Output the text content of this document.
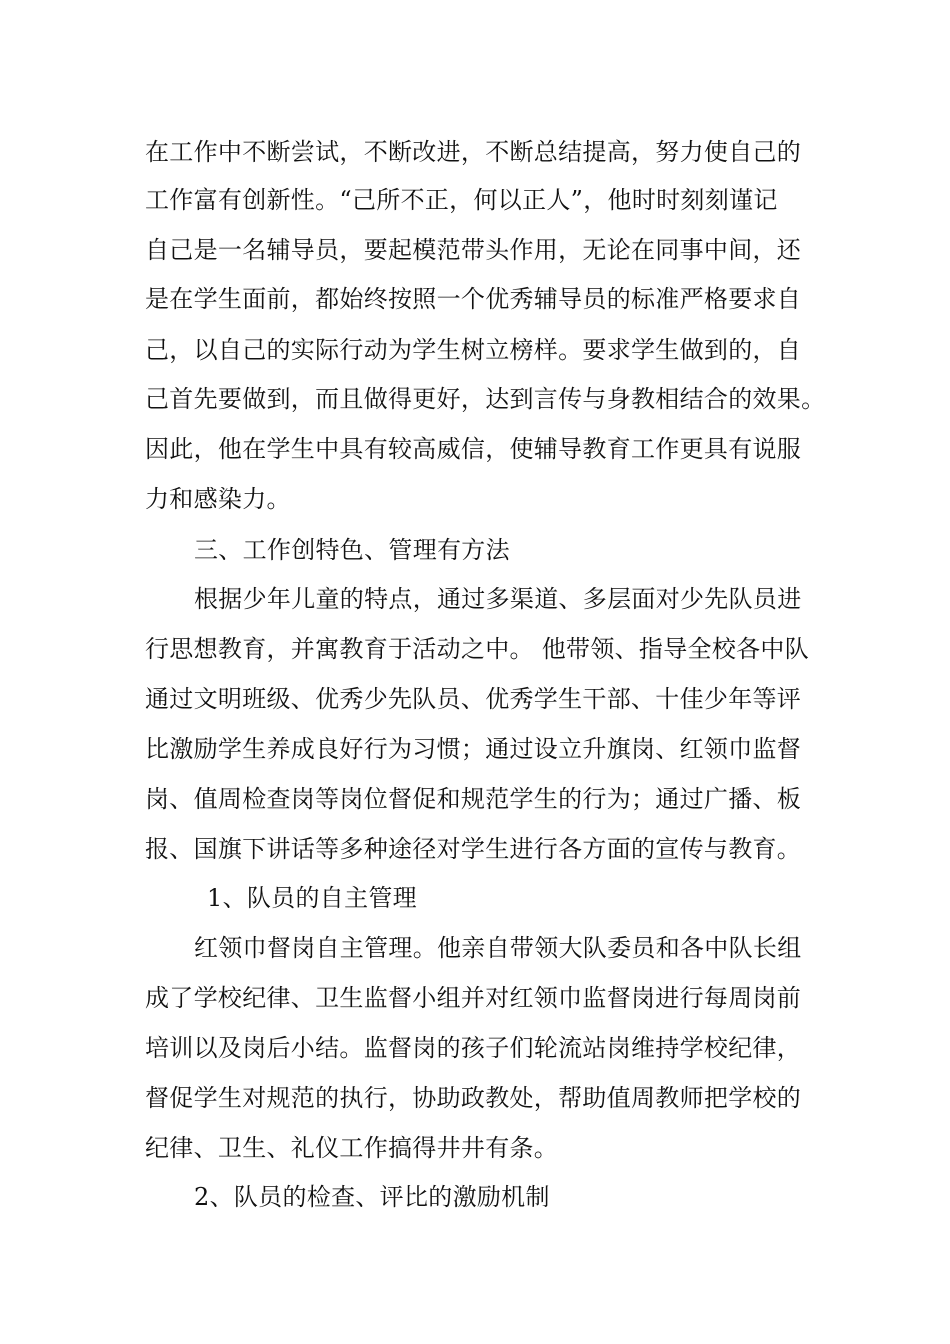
在工作中不断尝试，不断改进，不断总结提高，努力使自己的
工作富有创新性。“己所不正，何以正人”，他时时刻刻谨记
自己是一名辅导员，要起模范带头作用，无论在同事中间，还
是在学生面前，都始终按照一个优秀辅导员的标准严格要求自
己，以自己的实际行动为学生树立榜样。要求学生做到的，自
己首先要做到，而且做得更好，达到言传与身教相结合的效果。
因此，他在学生中具有较高威信，使辅导教育工作更具有说服
力和感染力。
三、工作创特色、管理有方法
根据少年儿童的特点，通过多渠道、多层面对少先队员进
行思想教育，并寓教育于活动之中。 他带领、指导全校各中队
通过文明班级、优秀少先队员、优秀学生干部、十佳少年等评
比激励学生养成良好行为习惯；通过设立升旗岗、红领巾监督
岗、值周检查岗等岗位督促和规范学生的行为；通过广播、板
报、国旗下讲话等多种途径对学生进行各方面的宣传与教育。
1、队员的自主管理
红领巾督岗自主管理。他亲自带领大队委员和各中队长组
成了学校纪律、卫生监督小组并对红领巾监督岗进行每周岗前
培训以及岗后小结。监督岗的孩子们轮流站岗维持学校纪律，
督促学生对规范的执行，协助政教处，帮助值周教师把学校的
纪律、卫生、礼仪工作搞得井井有条。
2、队员的检查、评比的激励机制
